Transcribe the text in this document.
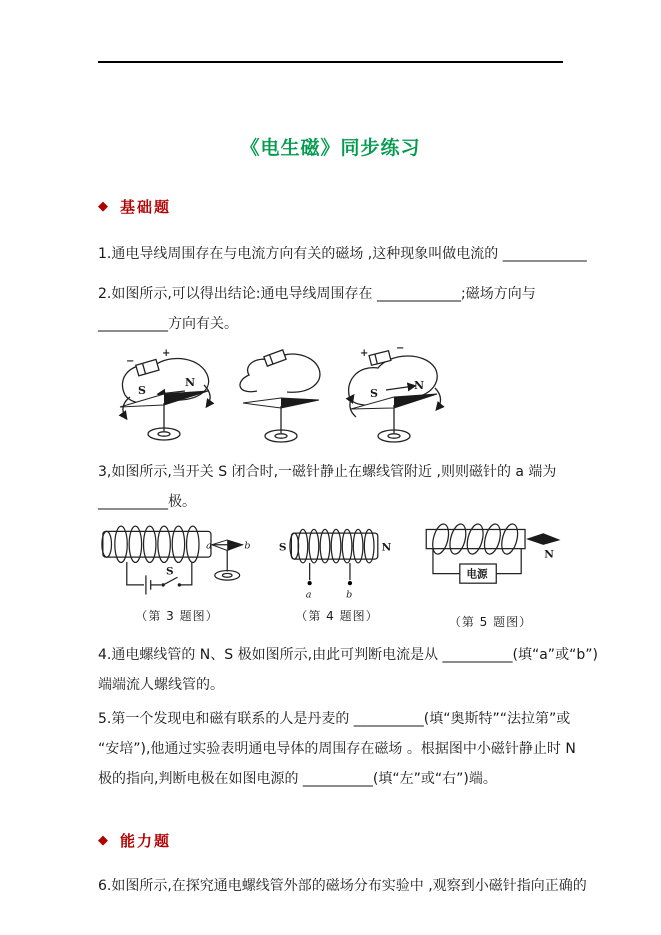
《电生磁》同步练习
◆ 基础题
1.通电导线周围存在与电流方向有关的磁场 ,这种现象叫做电流的 ____________
2.如图所示,可以得出结论:通电导线周围存在 ____________;磁场方向与
__________方向有关。
−
+
S
N
+	−
S
N
3,如图所示,当开关 S 闭合时,一磁针静止在螺线管附近 ,则则磁针的 a 端为
__________极。
S
a	b
（第 3 题图）
S	N
a	b
（第 4 题图）
N
电源
（第 5 题图）
4.通电螺线管的 N、S 极如图所示,由此可判断电流是从 __________(填“a”或“b”)
端端流人螺线管的。
5.第一个发现电和磁有联系的人是丹麦的 __________(填“奥斯特”“法拉第”或
“安培”),他通过实验表明通电导体的周围存在磁场 。根据图中小磁针静止时 N
极的指向,判断电极在如图电源的 __________(填“左”或“右”)端。
◆ 能力题
6.如图所示,在探究通电螺线管外部的磁场分布实验中 ,观察到小磁针指向正确的
